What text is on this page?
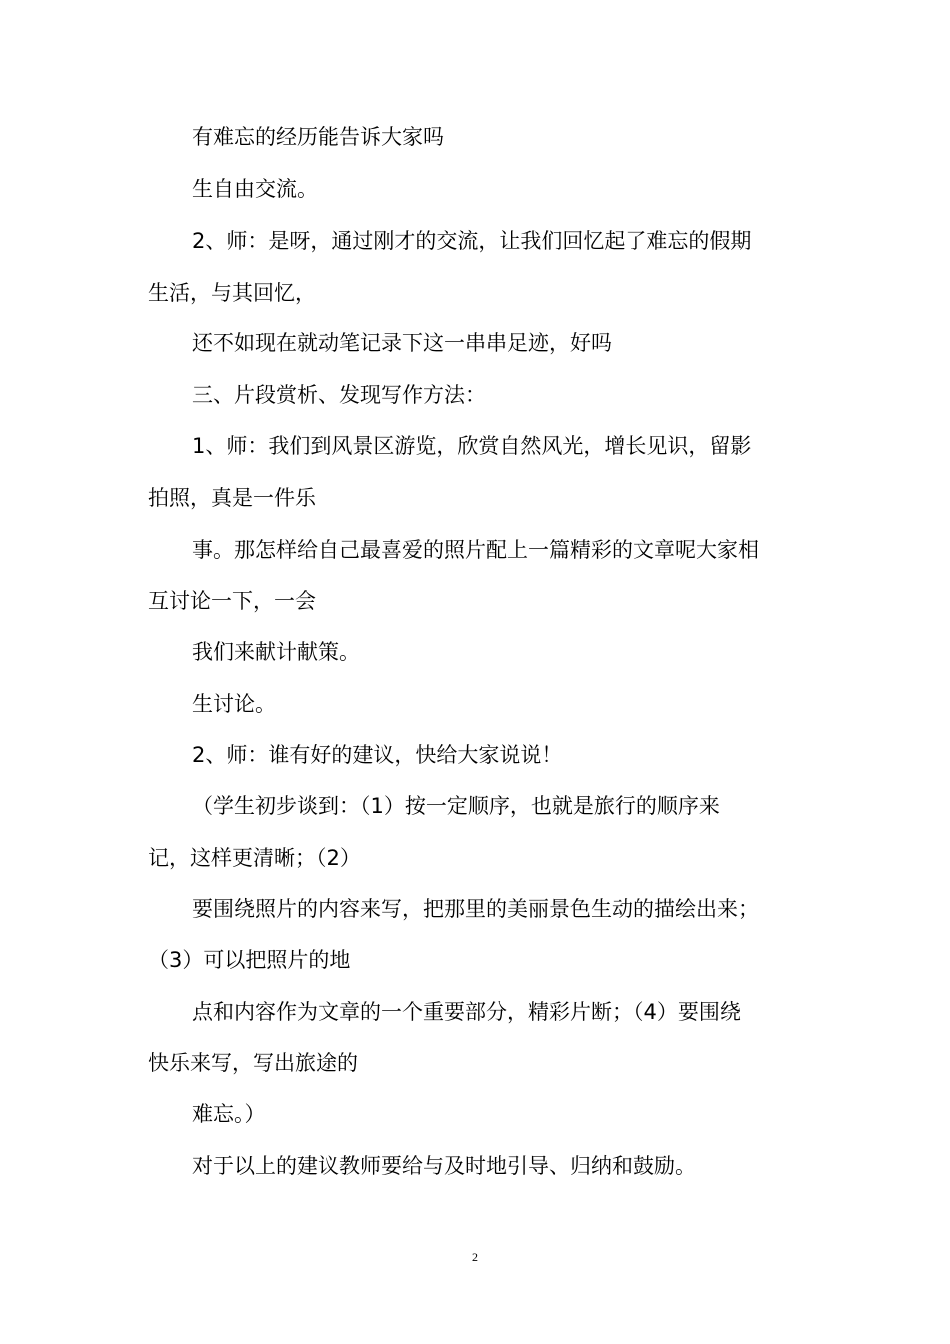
有难忘的经历能告诉大家吗
生自由交流。
2、师：是呀，通过刚才的交流，让我们回忆起了难忘的假期
生活，与其回忆，
还不如现在就动笔记录下这一串串足迹，好吗
三、片段赏析、发现写作方法：
1、师：我们到风景区游览，欣赏自然风光，增长见识，留影
拍照，真是一件乐
事。那怎样给自己最喜爱的照片配上一篇精彩的文章呢大家相
互讨论一下，一会
我们来献计献策。
生讨论。
2、师：谁有好的建议，快给大家说说！
（学生初步谈到：（1）按一定顺序，也就是旅行的顺序来
记，这样更清晰；（2）
要围绕照片的内容来写，把那里的美丽景色生动的描绘出来；
（3）可以把照片的地
点和内容作为文章的一个重要部分，精彩片断；（4）要围绕
快乐来写，写出旅途的
难忘。）
对于以上的建议教师要给与及时地引导、归纳和鼓励。
2
